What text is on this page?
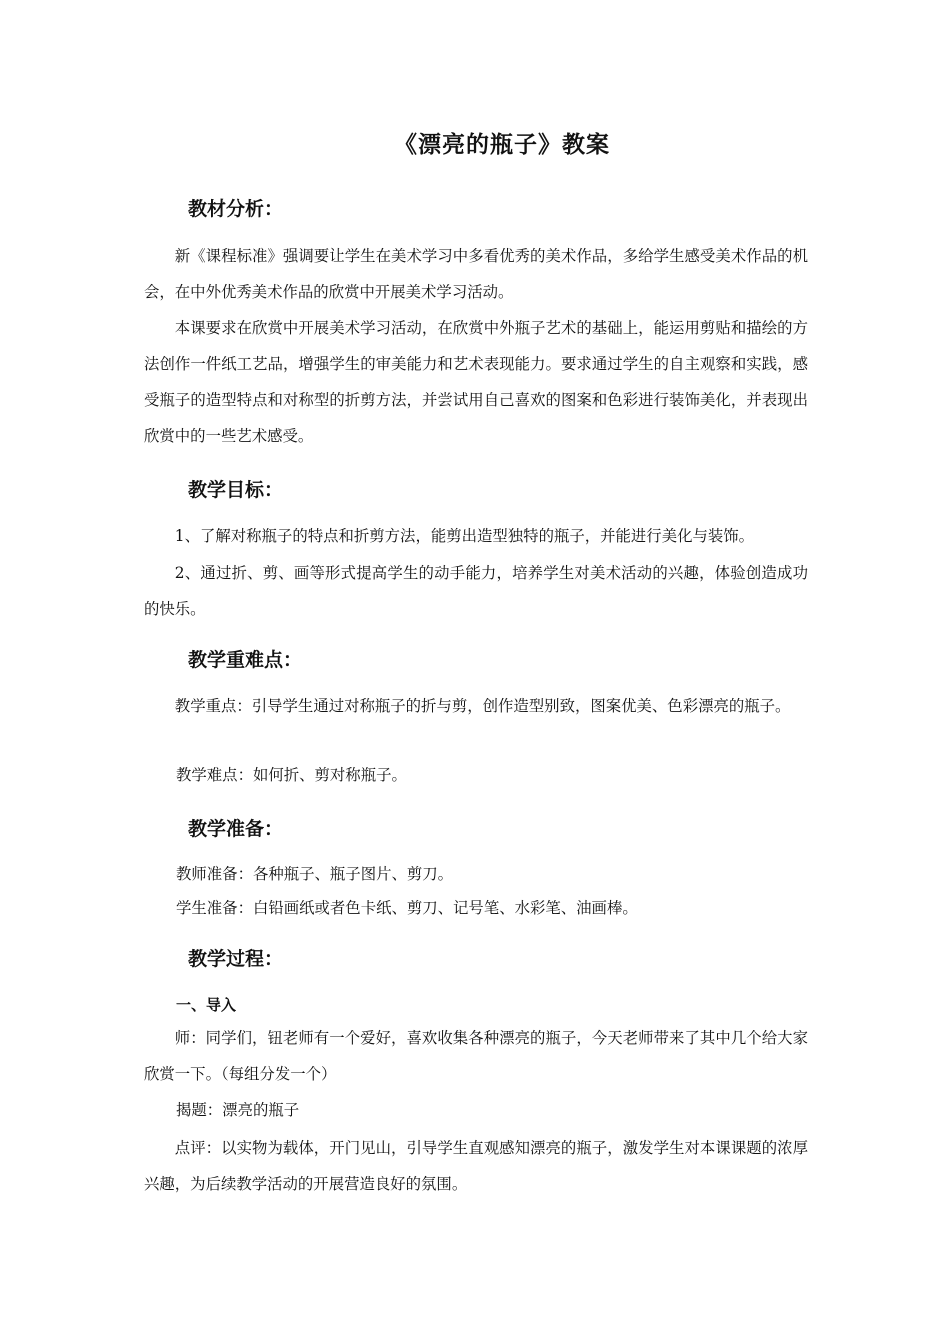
《漂亮的瓶子》教案
教材分析：
新《课程标准》强调要让学生在美术学习中多看优秀的美术作品，多给学生感受美术作品的机会，在中外优秀美术作品的欣赏中开展美术学习活动。
本课要求在欣赏中开展美术学习活动，在欣赏中外瓶子艺术的基础上，能运用剪贴和描绘的方法创作一件纸工艺品，增强学生的审美能力和艺术表现能力。要求通过学生的自主观察和实践，感受瓶子的造型特点和对称型的折剪方法，并尝试用自己喜欢的图案和色彩进行装饰美化，并表现出欣赏中的一些艺术感受。
教学目标：
1、了解对称瓶子的特点和折剪方法，能剪出造型独特的瓶子，并能进行美化与装饰。
2、通过折、剪、画等形式提高学生的动手能力，培养学生对美术活动的兴趣，体验创造成功的快乐。
教学重难点：
教学重点：引导学生通过对称瓶子的折与剪，创作造型别致，图案优美、色彩漂亮的瓶子。
教学难点：如何折、剪对称瓶子。
教学准备：
教师准备：各种瓶子、瓶子图片、剪刀。
学生准备：白铅画纸或者色卡纸、剪刀、记号笔、水彩笔、油画棒。
教学过程：
一、导入
师：同学们，钮老师有一个爱好，喜欢收集各种漂亮的瓶子，今天老师带来了其中几个给大家欣赏一下。（每组分发一个）
揭题：漂亮的瓶子
点评：以实物为载体，开门见山，引导学生直观感知漂亮的瓶子，激发学生对本课课题的浓厚兴趣，为后续教学活动的开展营造良好的氛围。
